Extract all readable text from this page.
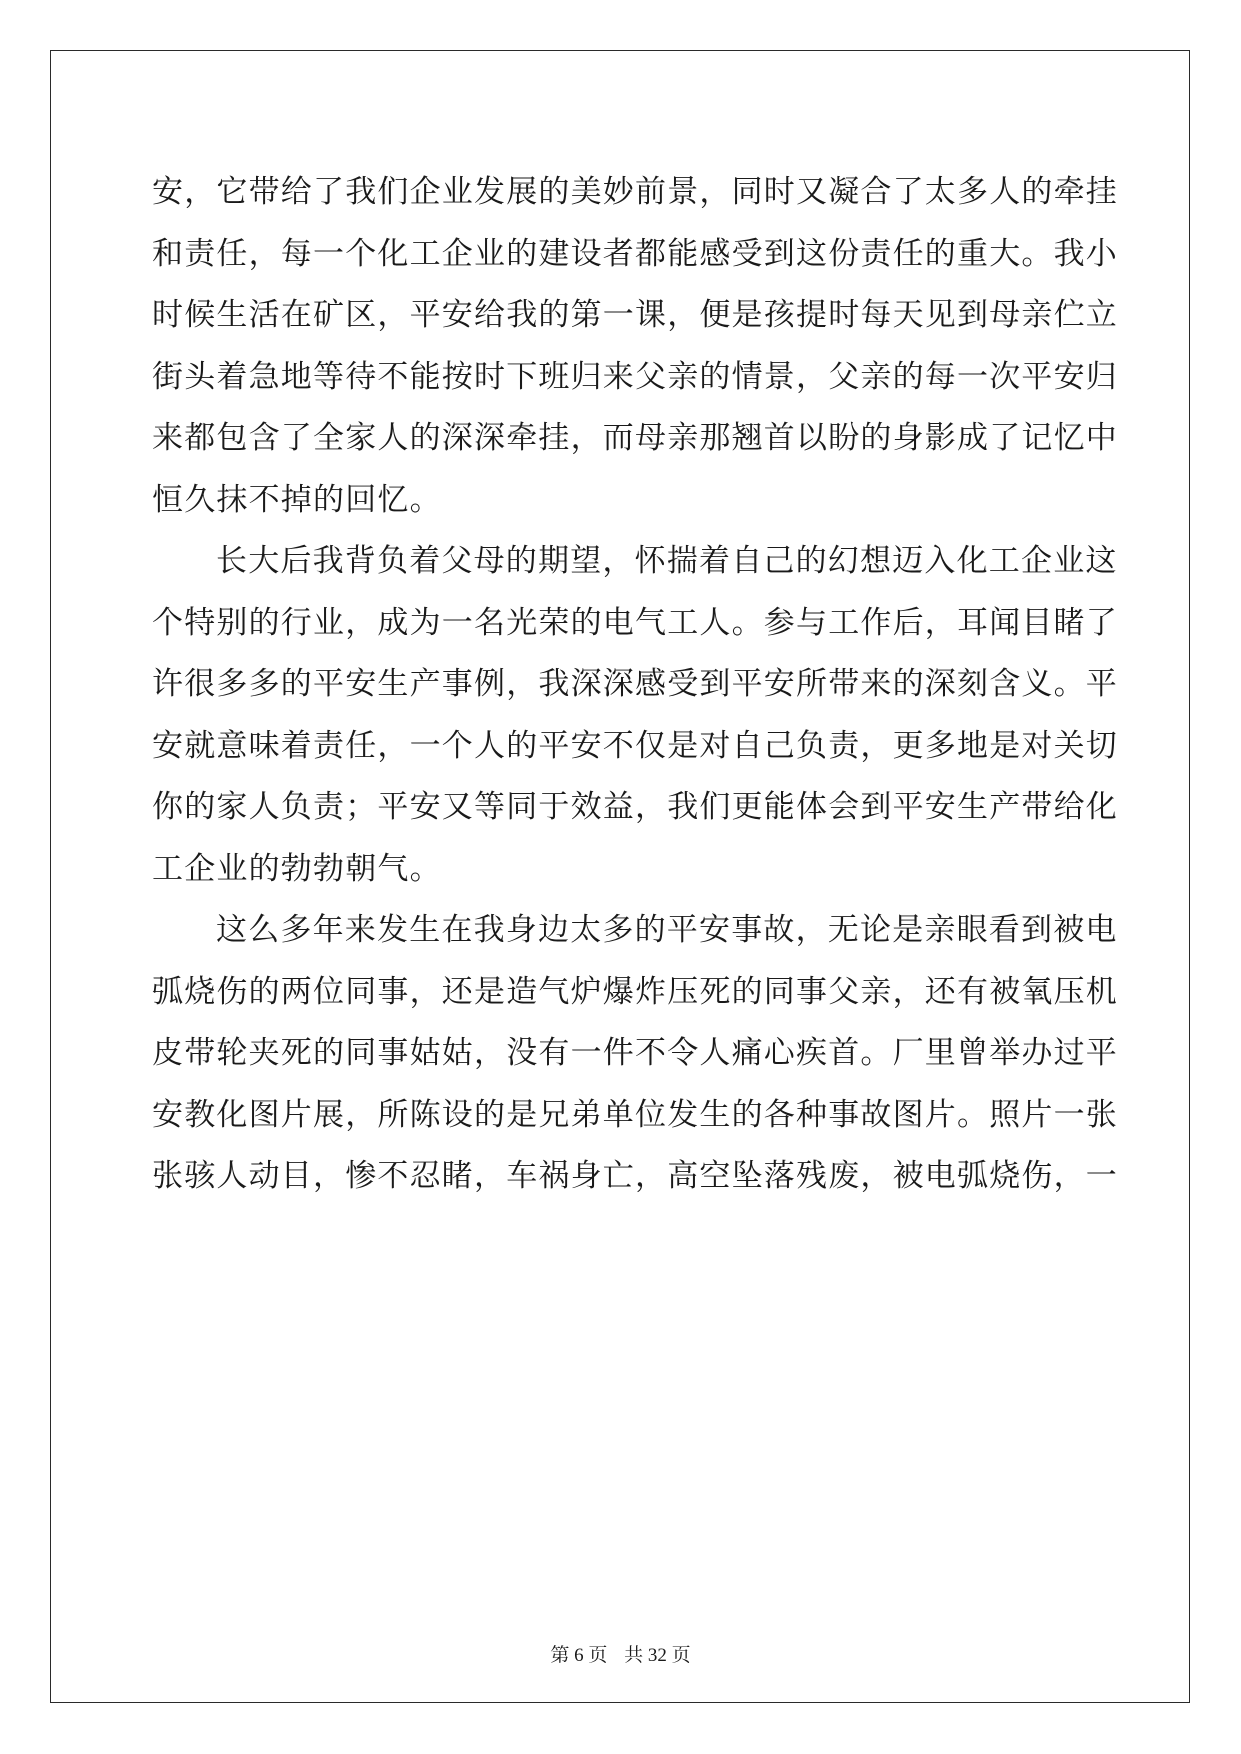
安，它带给了我们企业发展的美妙前景，同时又凝合了太多人的牵挂
和责任，每一个化工企业的建设者都能感受到这份责任的重大。我小
时候生活在矿区，平安给我的第一课，便是孩提时每天见到母亲伫立
街头着急地等待不能按时下班归来父亲的情景，父亲的每一次平安归
来都包含了全家人的深深牵挂，而母亲那翘首以盼的身影成了记忆中
恒久抹不掉的回忆。
长大后我背负着父母的期望，怀揣着自己的幻想迈入化工企业这
个特别的行业，成为一名光荣的电气工人。参与工作后，耳闻目睹了
许很多多的平安生产事例，我深深感受到平安所带来的深刻含义。平
安就意味着责任，一个人的平安不仅是对自己负责，更多地是对关切
你的家人负责；平安又等同于效益，我们更能体会到平安生产带给化
工企业的勃勃朝气。
这么多年来发生在我身边太多的平安事故，无论是亲眼看到被电
弧烧伤的两位同事，还是造气炉爆炸压死的同事父亲，还有被氧压机
皮带轮夹死的同事姑姑，没有一件不令人痛心疾首。厂里曾举办过平
安教化图片展，所陈设的是兄弟单位发生的各种事故图片。照片一张
张骇人动目，惨不忍睹，车祸身亡，高空坠落残废，被电弧烧伤，一
第 6 页 共 32 页
